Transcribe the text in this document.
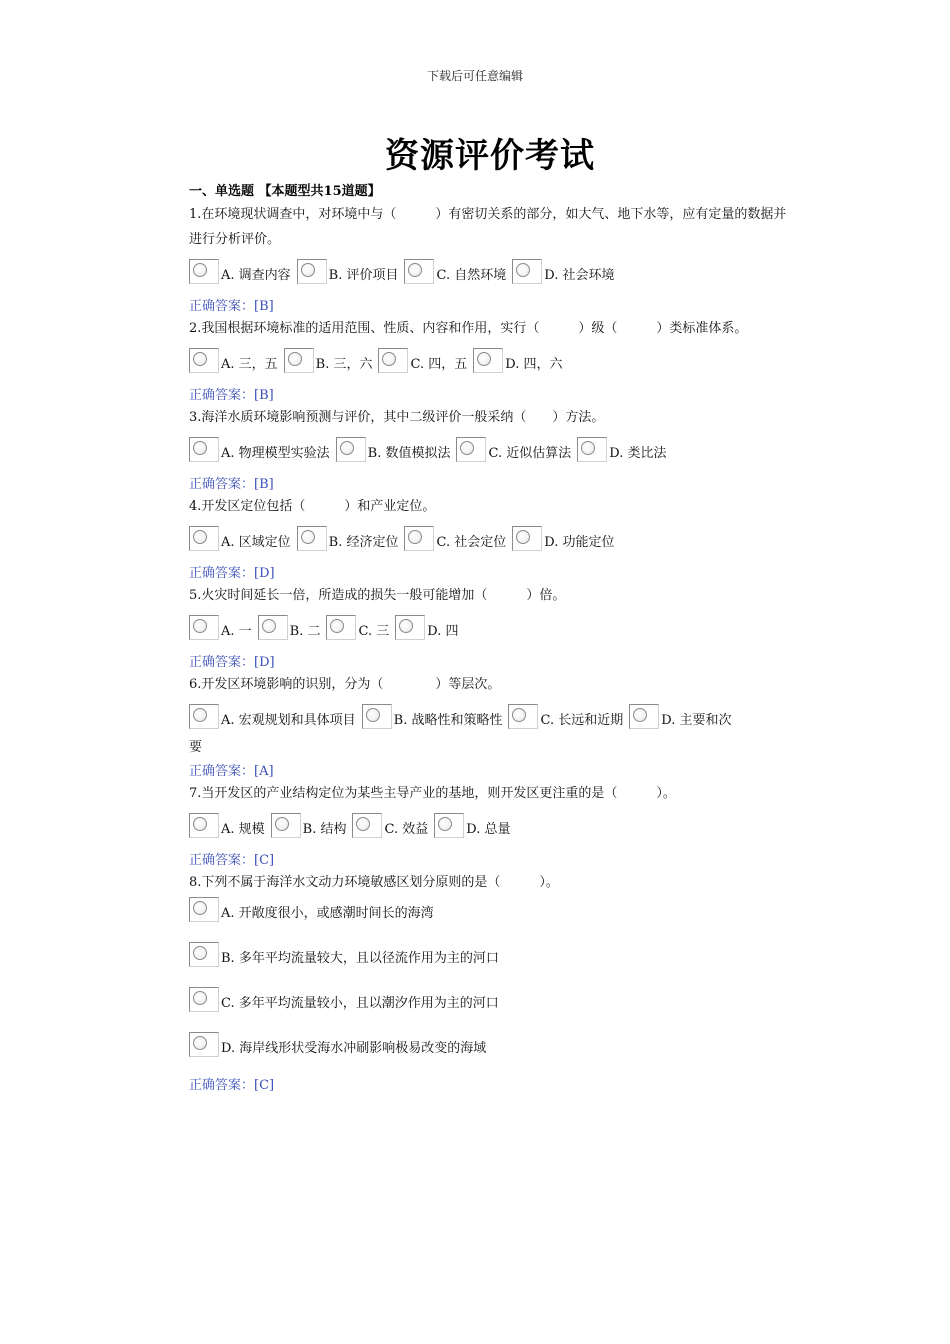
下载后可任意编辑
资源评价考试
一、单选题 【本题型共15道题】

1.在环境现状调查中，对环境中与（　　　）有密切关系的部分，如大气、地下水等，应有定量的数据并进行分析评价。

A. 调查内容	B. 评价项目	C. 自然环境	D. 社会环境

正确答案：[B]

2.我国根据环境标准的适用范围、性质、内容和作用，实行（　　　）级（　　　）类标准体系。

A. 三，五	B. 三，六	C. 四，五	D. 四，六

正确答案：[B]

3.海洋水质环境影响预测与评价，其中二级评价一般采纳（　　）方法。

A. 物理模型实验法	B. 数值模拟法	C. 近似估算法	D. 类比法

正确答案：[B]

4.开发区定位包括（　　　）和产业定位。

A. 区域定位	B. 经济定位	C. 社会定位	D. 功能定位

正确答案：[D]

5.火灾时间延长一倍，所造成的损失一般可能增加（　　　）倍。

A. 一	B. 二	C. 三	D. 四

正确答案：[D]

6.开发区环境影响的识别，分为（　　　　）等层次。

A. 宏观规划和具体项目	B. 战略性和策略性	C. 长远和近期	D. 主要和次
要

正确答案：[A]

7.当开发区的产业结构定位为某些主导产业的基地，则开发区更注重的是（　　　）。

A. 规模	B. 结构	C. 效益	D. 总量

正确答案：[C]

8.下列不属于海洋水文动力环境敏感区划分原则的是（　　　）。

A. 开敞度很小，或感潮时间长的海湾
B. 多年平均流量较大，且以径流作用为主的河口
C. 多年平均流量较小，且以潮汐作用为主的河口
D. 海岸线形状受海水冲刷影响极易改变的海域

正确答案：[C]
